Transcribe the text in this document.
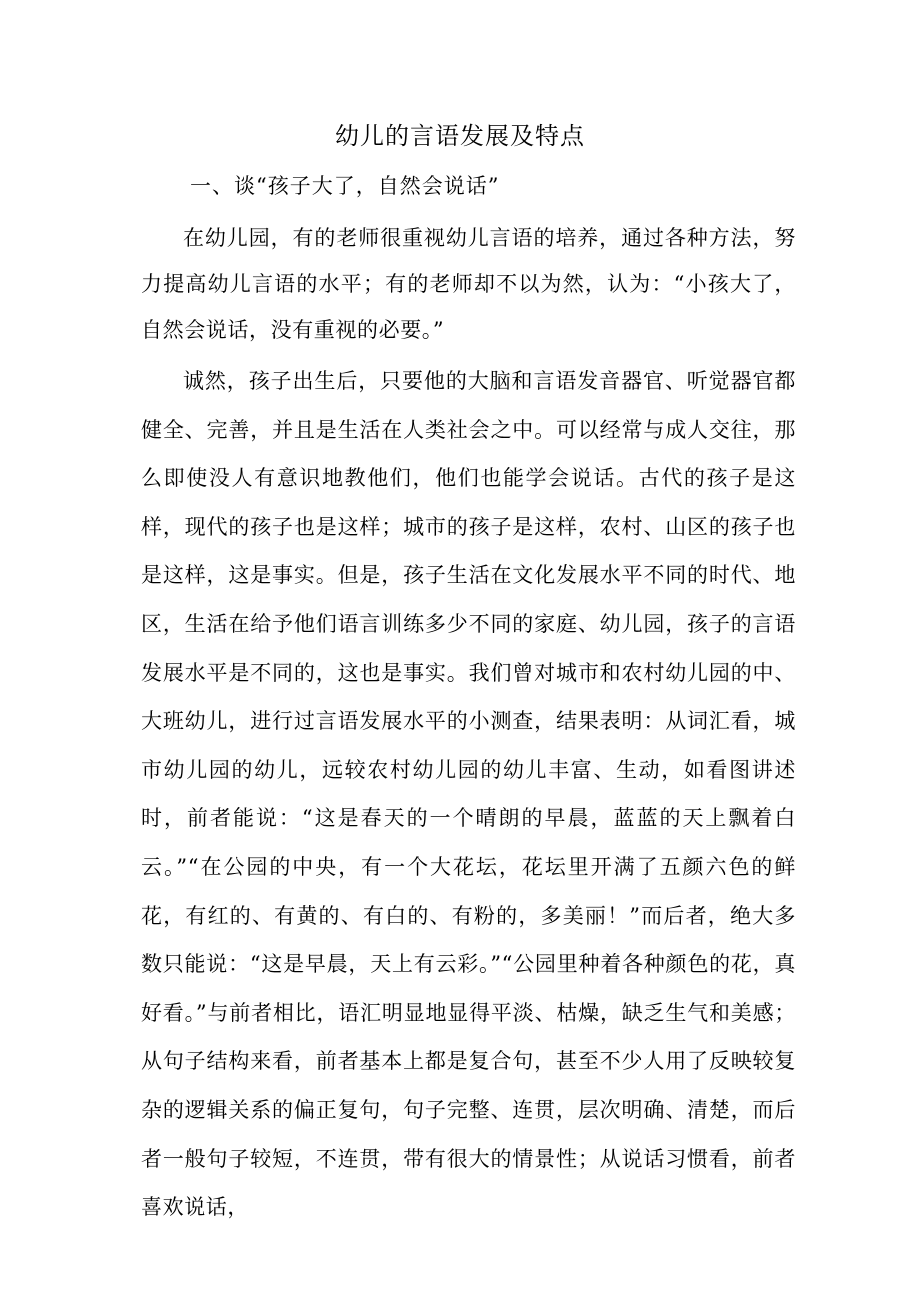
幼儿的言语发展及特点
一、谈“孩子大了，自然会说话”

在幼儿园，有的老师很重视幼儿言语的培养，通过各种方法，努力提高幼儿言语的水平；有的老师却不以为然，认为：“小孩大了，自然会说话，没有重视的必要。”

诚然，孩子出生后，只要他的大脑和言语发音器官、听觉器官都健全、完善，并且是生活在人类社会之中。可以经常与成人交往，那么即使没人有意识地教他们，他们也能学会说话。古代的孩子是这样，现代的孩子也是这样；城市的孩子是这样，农村、山区的孩子也是这样，这是事实。但是，孩子生活在文化发展水平不同的时代、地区，生活在给予他们语言训练多少不同的家庭、幼儿园，孩子的言语发展水平是不同的，这也是事实。我们曾对城市和农村幼儿园的中、大班幼儿，进行过言语发展水平的小测查，结果表明：从词汇看，城市幼儿园的幼儿，远较农村幼儿园的幼儿丰富、生动，如看图讲述时，前者能说：“这是春天的一个晴朗的早晨，蓝蓝的天上飘着白云。”“在公园的中央，有一个大花坛，花坛里开满了五颜六色的鲜花，有红的、有黄的、有白的、有粉的，多美丽！”而后者，绝大多数只能说：“这是早晨，天上有云彩。”“公园里种着各种颜色的花，真好看。”与前者相比，语汇明显地显得平淡、枯燥，缺乏生气和美感；从句子结构来看，前者基本上都是复合句，甚至不少人用了反映较复杂的逻辑关系的偏正复句，句子完整、连贯，层次明确、清楚，而后者一般句子较短，不连贯，带有很大的情景性；从说话习惯看，前者喜欢说话，
